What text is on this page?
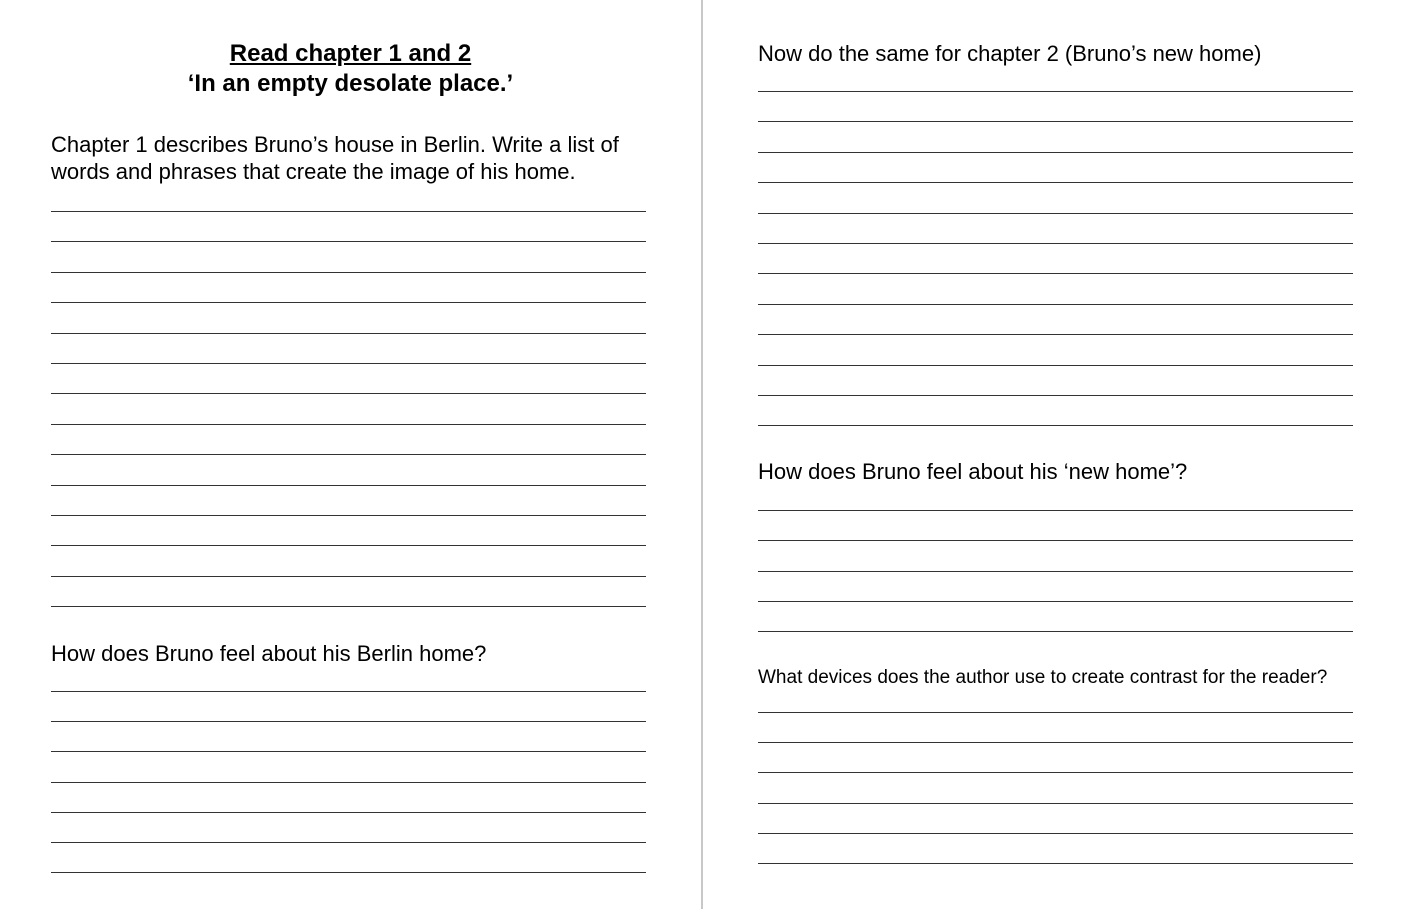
Read chapter 1 and 2
‘In an empty desolate place.’

Chapter 1 describes Bruno’s house in Berlin. Write a list of words and phrases that create the image of his home.

How does Bruno feel about his Berlin home?

Now do the same for chapter 2 (Bruno’s new home)

How does Bruno feel about his ‘new home’?

What devices does the author use to create contrast for the reader?
